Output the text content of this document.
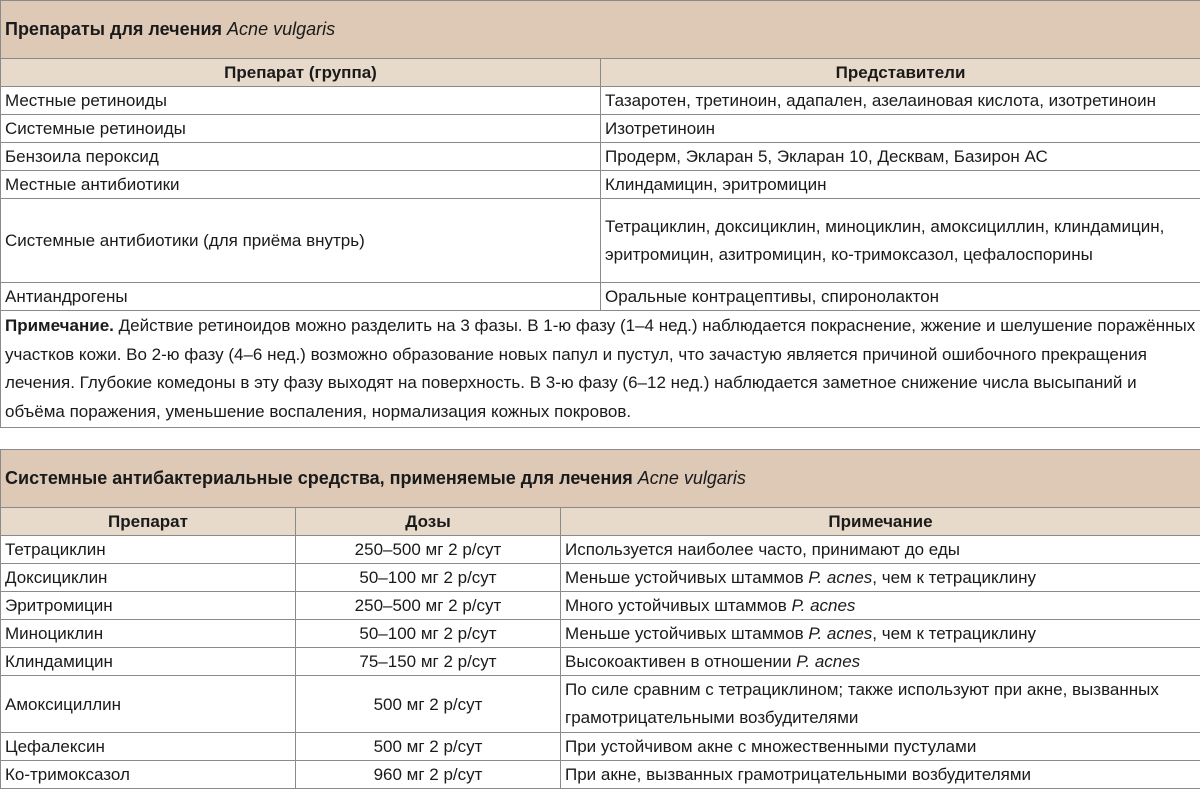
Препараты для лечения Acne vulgaris	
Препарат (группа)	Представители
Местные ретиноиды	Тазаротен, третиноин, адапален, азелаиновая кислота, изотретиноин
Системные ретиноиды	Изотретиноин
Бензоила пероксид	Продерм, Экларан 5, Экларан 10, Десквам, Базирон АС
Местные антибиотики	Клиндамицин, эритромицин
Системные антибиотики (для приёма внутрь)	Тетрациклин, доксициклин, миноциклин, амоксициллин, клиндамицин, эритромицин, азитромицин, ко-тримоксазол, цефалоспорины
Антиандрогены	Оральные контрацептивы, спиронолактон
Примечание. Действие ретиноидов можно разделить на 3 фазы. В 1-ю фазу (1–4 нед.) наблюдается покраснение, жжение и шелушение поражённых участков кожи. Во 2-ю фазу (4–6 нед.) возможно образование новых папул и пустул, что зачастую является причиной ошибочного прекращения лечения. Глубокие комедоны в эту фазу выходят на поверхность. В 3-ю фазу (6–12 нед.) наблюдается заметное снижение числа высыпаний и объёма поражения, уменьшение воспаления, нормализация кожных покровов.	
Системные антибактериальные средства, применяемые для лечения Acne vulgaris		
Препарат	Дозы	Примечание
Тетрациклин	250–500 мг 2 р/сут	Используется наиболее часто, принимают до еды
Доксициклин	50–100 мг 2 р/сут	Меньше устойчивых штаммов P. acnes, чем к тетрациклину
Эритромицин	250–500 мг 2 р/сут	Много устойчивых штаммов P. acnes
Миноциклин	50–100 мг 2 р/сут	Меньше устойчивых штаммов P. acnes, чем к тетрациклину
Клиндамицин	75–150 мг 2 р/сут	Высокоактивен в отношении P. acnes
Амоксициллин	500 мг 2 р/сут	По силе сравним с тетрациклином; также используют при акне, вызванных грамотрицательными возбудителями
Цефалексин	500 мг 2 р/сут	При устойчивом акне с множественными пустулами
Ко-тримоксазол	960 мг 2 р/сут	При акне, вызванных грамотрицательными возбудителями
